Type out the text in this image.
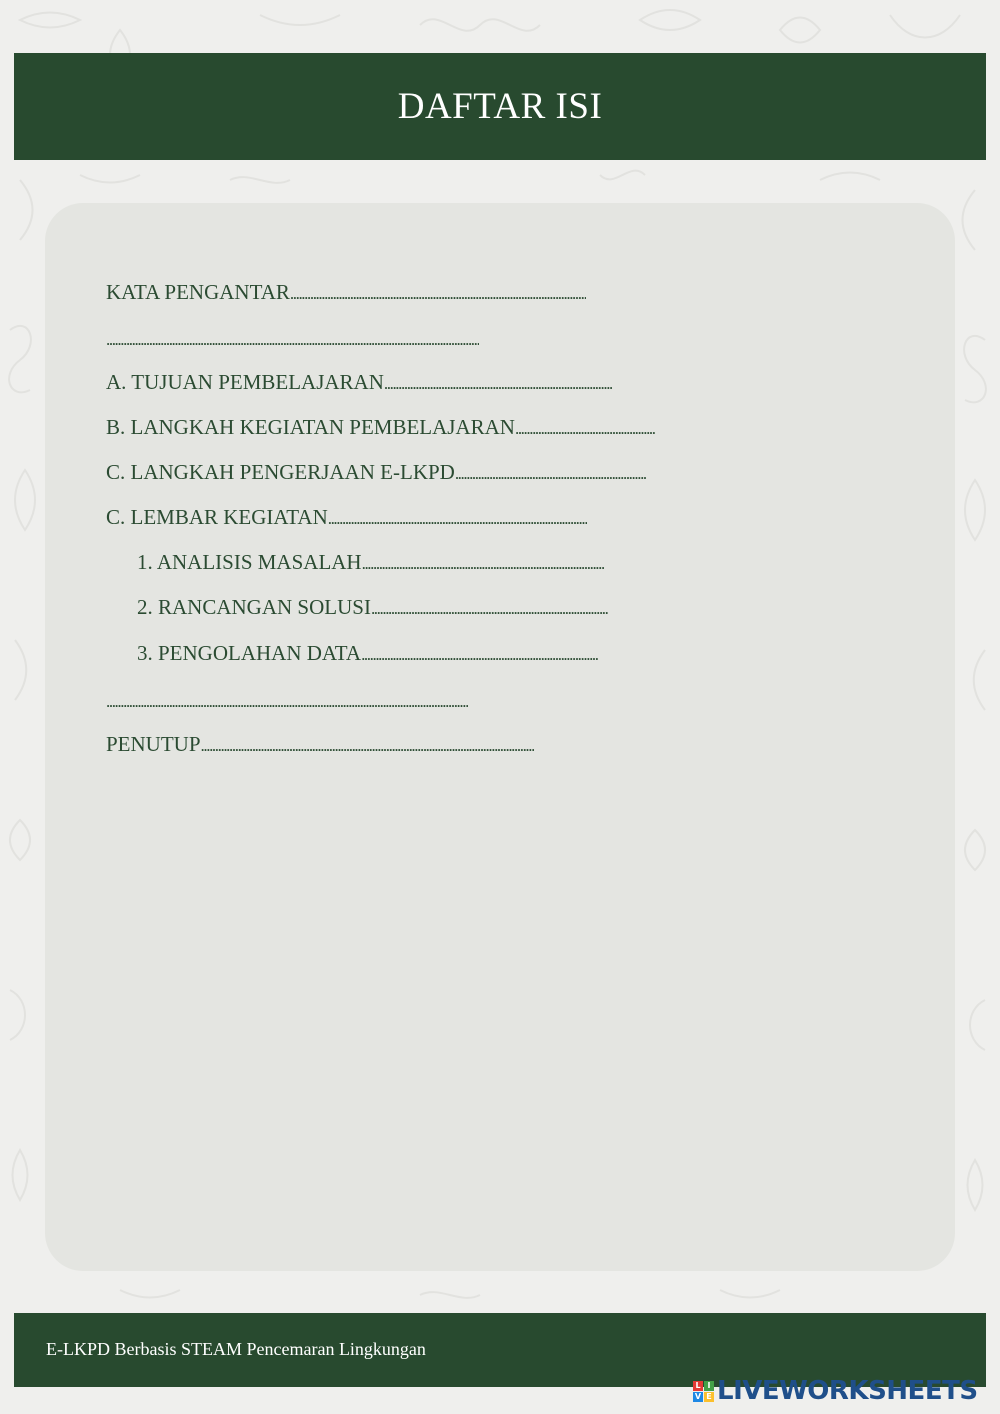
DAFTAR ISI
KATA PENGANTAR........................................................................................................
...................................................................................................................................
A. TUJUAN PEMBELAJARAN................................................................................
B. LANGKAH KEGIATAN PEMBELAJARAN.................................................
C. LANGKAH PENGERJAAN E-LKPD...................................................................
C. LEMBAR KEGIATAN...........................................................................................
1. ANALISIS MASALAH.....................................................................................
2. RANCANGAN SOLUSI...................................................................................
3. PENGOLAHAN DATA...................................................................................
...............................................................................................................................
PENUTUP.....................................................................................................................
E-LKPD Berbasis STEAM Pencemaran Lingkungan
L I
V E LIVEWORKSHEETS
